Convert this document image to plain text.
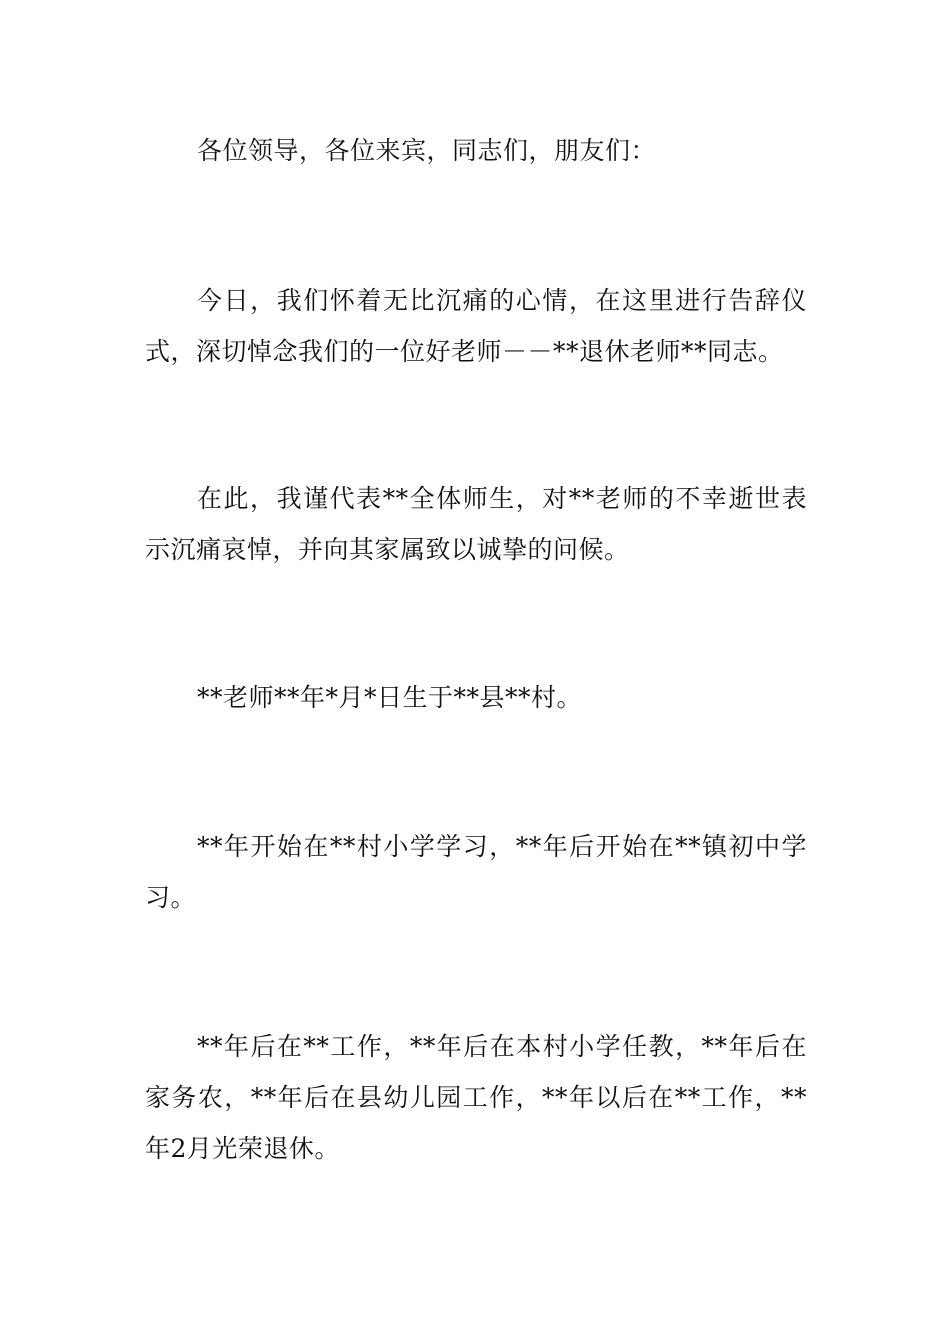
各位领导，各位来宾，同志们，朋友们：

今日，我们怀着无比沉痛的心情，在这里进行告辞仪式，深切悼念我们的一位好老师－－**退休老师**同志。

在此，我谨代表**全体师生，对**老师的不幸逝世表示沉痛哀悼，并向其家属致以诚挚的问候。

**老师**年*月*日生于**县**村。

**年开始在**村小学学习，**年后开始在**镇初中学习。

**年后在**工作，**年后在本村小学任教，**年后在家务农，**年后在县幼儿园工作，**年以后在**工作，**年2月光荣退休。
